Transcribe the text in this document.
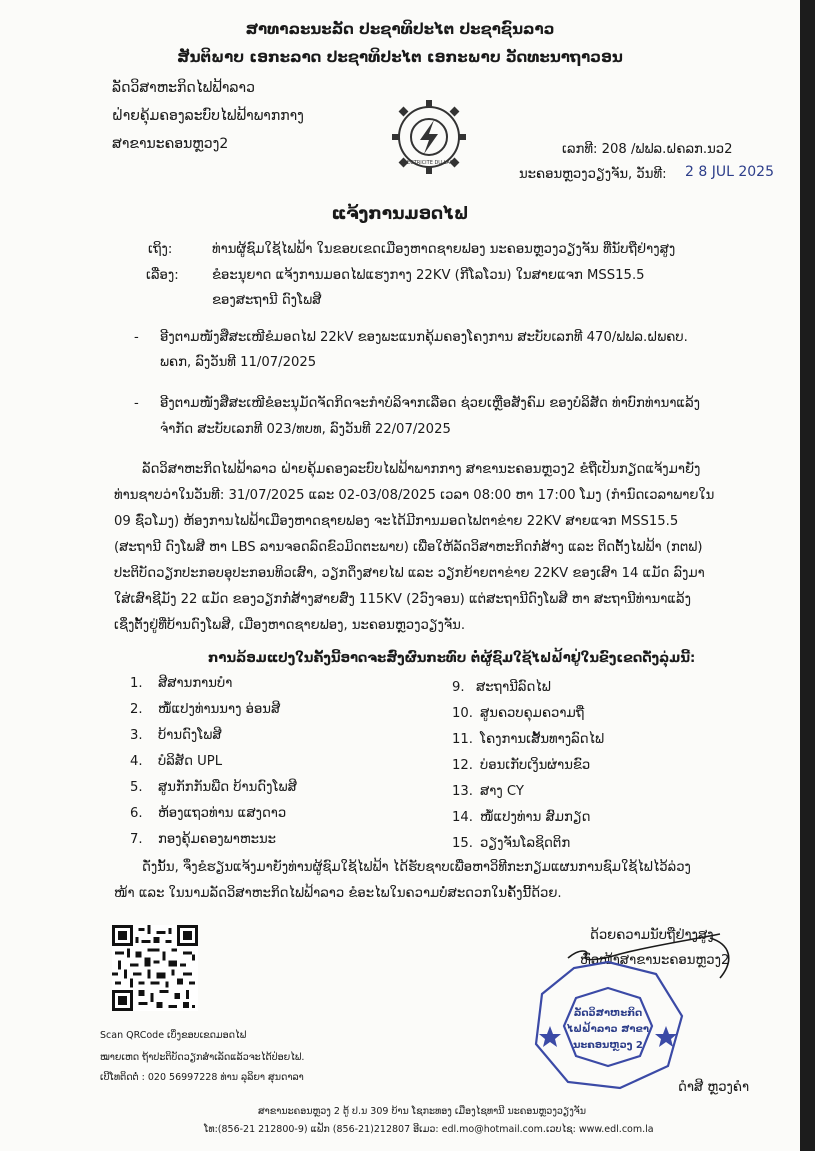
ສາທາລະນະລັດ ປະຊາທິປະໄຕ ປະຊາຊົນລາວ
ສັນຕິພາບ ເອກະລາດ ປະຊາທິປະໄຕ ເອກະພາບ ວັດທະນາຖາວອນ
ລັດວິສາຫະກິດໄຟຟ້າລາວ
ຝ່າຍຄຸ້ມຄອງລະບົບໄຟຟ້າພາກກາງ
ສາຂານະຄອນຫຼວງ2
ELECTRICITE DU LAOS
ເລກທີ: 208 /ຟຟລ.ຝຄລກ.ນວ2
ນະຄອນຫຼວງວຽງຈັນ, ວັນທີ: 2 8 JUL 2025
ແຈ້ງການມອດໄຟ
ເຖິງ:	ທ່ານຜູ້ຊົມໃຊ້ໄຟຟ້າ ໃນຂອບເຂດເມືອງຫາດຊາຍຟອງ ນະຄອນຫຼວງວຽງຈັນ ທີ່ນັບຖືຢ່າງສູງ
ເລື່ອງ:	ຂໍອະນຸຍາດ ແຈ້ງການມອດໄຟແຮງກາງ 22KV (ກີໂລໂວນ) ໃນສາຍແຈກ MSS15.5
ຂອງສະຖານີ ດົງໂພສີ
- ອີງຕາມໜັງສືສະເໜີຂໍມອດໄຟ 22kV ຂອງພະແນກຄຸ້ມຄອງໂຄງການ ສະບັບເລກທີ 470/ຟຟລ.ຝພຄບ.
ພຄກ, ລົງວັນທີ 11/07/2025
- ອີງຕາມໜັງສືສະເໜີຂໍອະນຸມັດຈັດກິດຈະກໍາບໍລິຈາກເລືອດ ຊ່ວຍເຫຼືອສັງຄົມ ຂອງບໍລິສັດ ທ່າບົກທ່ານາແລ້ງ
ຈໍາກັດ ສະບັບເລກທີ 023/ທບທ, ລົງວັນທີ 22/07/2025
ລັດວິສາຫະກິດໄຟຟ້າລາວ ຝ່າຍຄຸ້ມຄອງລະບົບໄຟຟ້າພາກກາງ ສາຂານະຄອນຫຼວງ2 ຂໍຖືເປັນກຽດແຈ້ງມາຍັງ
ທ່ານຊາບວ່າໃນວັນທີ: 31/07/2025 ແລະ 02-03/08/2025 ເວລາ 08:00 ຫາ 17:00 ໂມງ (ກໍານົດເວລາພາຍໃນ
09 ຊົ່ວໂມງ) ຫ້ອງການໄຟຟ້າເມືອງຫາດຊາຍຟອງ ຈະໄດ້ມີການມອດໄຟຕາຂ່າຍ 22KV ສາຍແຈກ MSS15.5
(ສະຖານີ ດົງໂພສີ ຫາ LBS ລານຈອດລົດຂົວມິດຕະພາບ) ເພື່ອໃຫ້ລັດວິສາຫະກິດກໍ່ສ້າງ ແລະ ຕິດຕັ້ງໄຟຟ້າ (ກຕຟ)
ປະຕິບັດວຽກປະກອບອຸປະກອນທິວເສົາ, ວຽກດຶງສາຍໄຟ ແລະ ວຽກຍ້າຍຕາຂ່າຍ 22KV ຂອງເສົາ 14 ແມັດ ລົງມາ
ໃສ່ເສົາຊີມັງ 22 ແມັດ ຂອງວຽກກໍ່ສ້າງສາຍສົ່ງ 115KV (2ວົງຈອນ) ແຕ່ສະຖານີດົງໂພສີ ຫາ ສະຖານີທ່ານາແລ້ງ
ເຊິ່ງຕັ້ງຢູ່ທີ່ບ້ານດົງໂພສີ, ເມືອງຫາດຊາຍຟອງ, ນະຄອນຫຼວງວຽງຈັນ.
ການລ້ອມແປງໃນຄັ້ງນີ້ອາດຈະສົ່ງຜົນກະທົບ ຕໍ່ຜູ້ຊົມໃຊ້ໄຟຟ້າຢູ່ໃນຂົງເຂດດັ່ງລຸ່ມນີ້:
1. ສີສານການບໍາ
2. ໜໍ້ແປງທ່ານນາງ ອ່ອນສີ
3. ບ້ານດົງໂພສີ
4. ບໍລິສັດ UPL
5. ສູນກັກກັນພືດ ບ້ານດົງໂພສີ
6. ຫ້ອງແຖວທ່ານ ແສງດາວ
7. ກອງຄຸ້ມຄອງພາຫະນະ
9. ສະຖານີລົດໄຟ
10. ສູນຄວບຄຸມຄວາມຖີ່
11. ໂຄງການເສັ້ນທາງລົດໄຟ
12. ບ່ອນເກັບເງິນຜ່ານຂົວ
13. ສາງ CY
14. ໜໍ້ແປງທ່ານ ສົມກຽດ
15. ວຽງຈັນໂລຊິດຕິກ
ດັ່ງນັ້ນ, ຈຶ່ງຂໍຮຽນແຈ້ງມາຍັງທ່ານຜູ້ຊົມໃຊ້ໄຟຟ້າ ໄດ້ຮັບຊາບເພື່ອຫາວິທີກະກຽມແຜນການຊົມໃຊ້ໄຟໄວ້ລ່ວງ
ໜ້າ ແລະ ໃນນາມລັດວິສາຫະກິດໄຟຟ້າລາວ ຂໍອະໄພໃນຄວາມບໍ່ສະດວກໃນຄັ້ງນີ້ດ້ວຍ.
ດ້ວຍຄວາມນັບຖືຢ່າງສູງ
ຫົວໜ້າສາຂານະຄອນຫຼວງ2
Scan QRCode ເບິ່ງຂອບເຂດມອດໄຟ
ໝາຍເຫດ ຖ້າປະຕິບັດວຽກສໍາເລັດແລ້ວຈະໄດ້ປ່ອຍໄຟ.
ເບີໂທຕິດຕໍ່ : 020 56997228 ທ່ານ ລຸລິຍາ ສຸນດາລາ
ລັດວິສາຫະກິດ
ໄຟຟ້າລາວ ສາຂາ
ນະຄອນຫຼວງ 2
ດໍາສີ ຫຼວງຄໍາ
ສາຂານະຄອນຫຼວງ 2 ຕູ້ ປ.ນ 309 ບ້ານ ໂຊກະທອງ ເມືອງໄຊທານີ ນະຄອນຫຼວງວຽງຈັນ
ໂທ:(856-21 212800-9) ແຟັກ (856-21)212807 ອີເມວ: edl.mo@hotmail.com.ເວບໄຊ: www.edl.com.la
